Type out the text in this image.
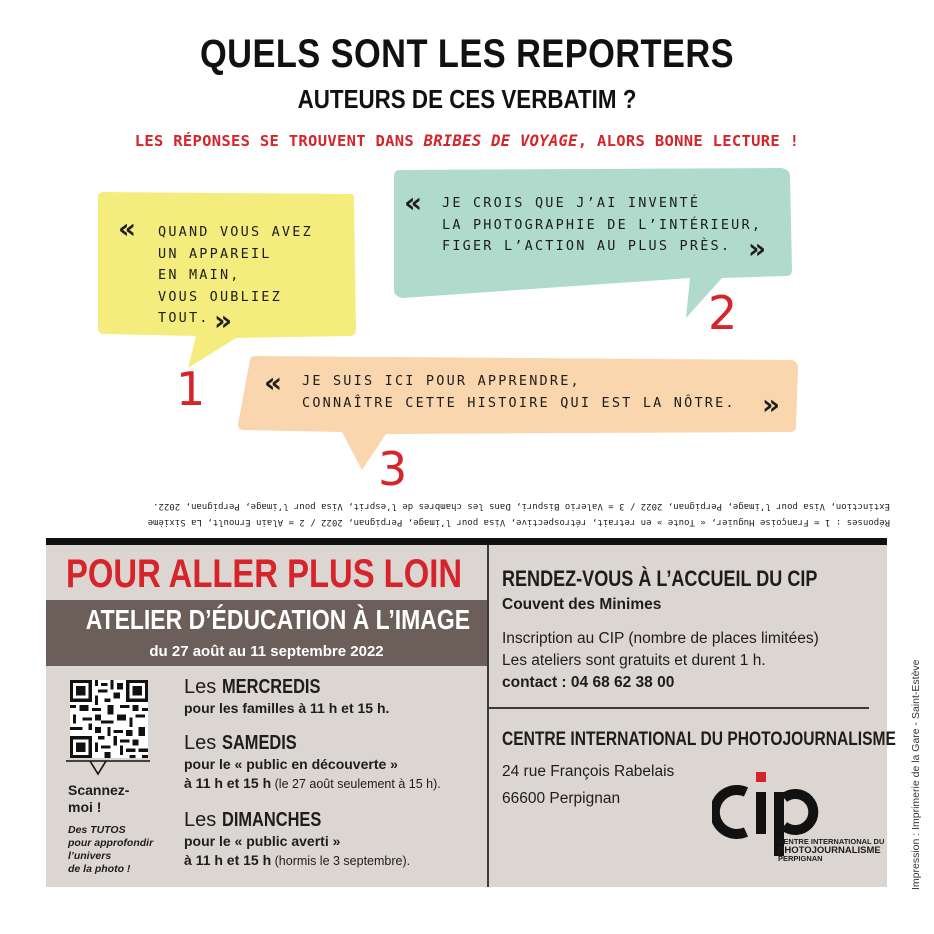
QUELS SONT LES REPORTERS
AUTEURS DE CES VERBATIM ?
LES RÉPONSES SE TROUVENT DANS BRIBES DE VOYAGE, ALORS BONNE LECTURE !
« QUAND VOUS AVEZ
UN APPAREIL
EN MAIN,
VOUS OUBLIEZ
TOUT. »
1
« JE CROIS QUE J’AI INVENTÉ
LA PHOTOGRAPHIE DE L’INTÉRIEUR,
FIGER L’ACTION AU PLUS PRÈS. »
2
« JE SUIS ICI POUR APPRENDRE,
CONNAÎTRE CETTE HISTOIRE QUI EST LA NÔTRE. »
3
Réponses : 1 = Françoise Huguier, « Toute » en retrait, rétrospective, Visa pour l’image, Perpignan, 2022 / 2 = Alain Ernoult, La Sixième
Extinction, Visa pour l’image, Perpignan, 2022 / 3 = Valerio Bispuri, Dans les chambres de l’esprit, Visa pour l’image, Perpignan, 2022.
POUR ALLER PLUS LOIN
ATELIER D’ÉDUCATION À L’IMAGE
du 27 août au 11 septembre 2022
Scannez-
moi !
Des TUTOS
pour approfondir
l’univers
de la photo !
Les MERCREDIS
pour les familles à 11 h et 15 h.
Les SAMEDIS
pour le « public en découverte »
à 11 h et 15 h (le 27 août seulement à 15 h).
Les DIMANCHES
pour le « public averti »
à 11 h et 15 h (hormis le 3 septembre).
RENDEZ-VOUS À L’ACCUEIL DU CIP
Couvent des Minimes
Inscription au CIP (nombre de places limitées)
Les ateliers sont gratuits et durent 1 h.
contact : 04 68 62 38 00
CENTRE INTERNATIONAL DU PHOTOJOURNALISME
24 rue François Rabelais
66600 Perpignan
CENTRE INTERNATIONAL DU
PHOTOJOURNALISME
PERPIGNAN	Impression : Imprimerie de la Gare - Saint-Estève
